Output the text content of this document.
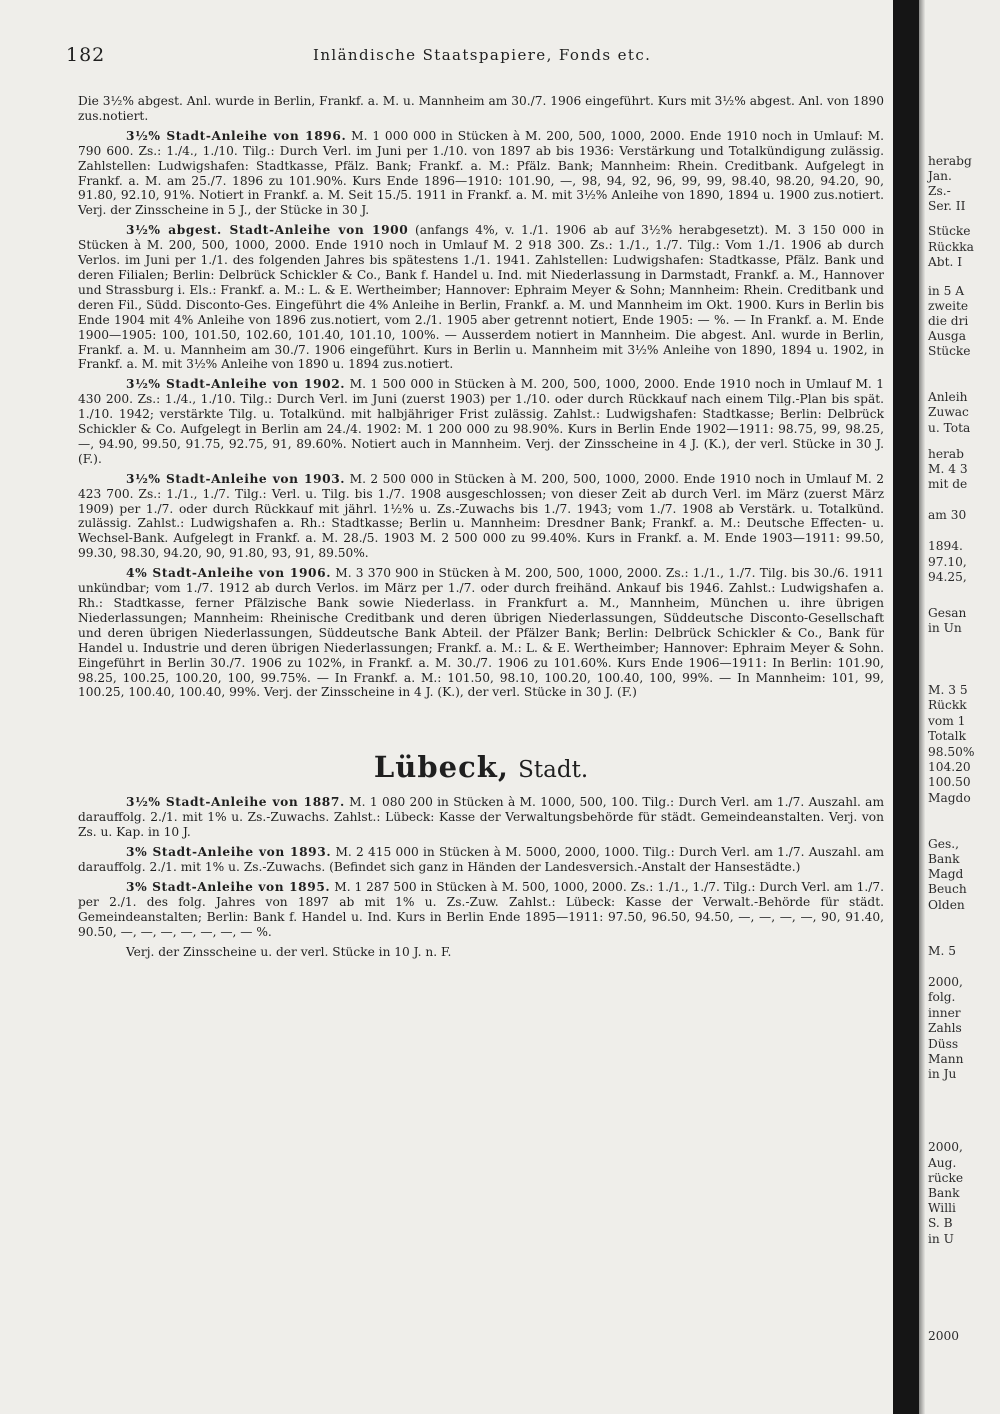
182	Inländische Staatspapiere, Fonds etc.

Die 3½% abgest. Anl. wurde in Berlin, Frankf. a. M. u. Mannheim am 30./7. 1906 eingeführt. Kurs mit 3½% abgest. Anl. von 1890 zus.notiert.

3½% Stadt-Anleihe von 1896. M. 1 000 000 in Stücken à M. 200, 500, 1000, 2000. Ende 1910 noch in Umlauf: M. 790 600. Zs.: 1./4., 1./10. Tilg.: Durch Verl. im Juni per 1./10. von 1897 ab bis 1936: Verstärkung und Totalkündigung zulässig. Zahlstellen: Ludwigshafen: Stadtkasse, Pfälz. Bank; Frankf. a. M.: Pfälz. Bank; Mannheim: Rhein. Creditbank. Aufgelegt in Frankf. a. M. am 25./7. 1896 zu 101.90%. Kurs Ende 1896—1910: 101.90, —, 98, 94, 92, 96, 99, 99, 98.40, 98.20, 94.20, 90, 91.80, 92.10, 91%. Notiert in Frankf. a. M. Seit 15./5. 1911 in Frankf. a. M. mit 3½% Anleihe von 1890, 1894 u. 1900 zus.notiert. Verj. der Zinsscheine in 5 J., der Stücke in 30 J.

3½% abgest. Stadt-Anleihe von 1900 (anfangs 4%, v. 1./1. 1906 ab auf 3½% herabgesetzt). M. 3 150 000 in Stücken à M. 200, 500, 1000, 2000. Ende 1910 noch in Umlauf M. 2 918 300. Zs.: 1./1., 1./7. Tilg.: Vom 1./1. 1906 ab durch Verlos. im Juni per 1./1. des folgenden Jahres bis spätestens 1./1. 1941. Zahlstellen: Ludwigshafen: Stadtkasse, Pfälz. Bank und deren Filialen; Berlin: Delbrück Schickler & Co., Bank f. Handel u. Ind. mit Niederlassung in Darmstadt, Frankf. a. M., Hannover und Strassburg i. Els.: Frankf. a. M.: L. & E. Wertheimber; Hannover: Ephraim Meyer & Sohn; Mannheim: Rhein. Creditbank und deren Fil., Südd. Disconto-Ges. Eingeführt die 4% Anleihe in Berlin, Frankf. a. M. und Mannheim im Okt. 1900. Kurs in Berlin bis Ende 1904 mit 4% Anleihe von 1896 zus.notiert, vom 2./1. 1905 aber getrennt notiert, Ende 1905: — %. — In Frankf. a. M. Ende 1900—1905: 100, 101.50, 102.60, 101.40, 101.10, 100%. — Ausserdem notiert in Mannheim. Die abgest. Anl. wurde in Berlin, Frankf. a. M. u. Mannheim am 30./7. 1906 eingeführt. Kurs in Berlin u. Mannheim mit 3½% Anleihe von 1890, 1894 u. 1902, in Frankf. a. M. mit 3½% Anleihe von 1890 u. 1894 zus.notiert.

3½% Stadt-Anleihe von 1902. M. 1 500 000 in Stücken à M. 200, 500, 1000, 2000. Ende 1910 noch in Umlauf M. 1 430 200. Zs.: 1./4., 1./10. Tilg.: Durch Verl. im Juni (zuerst 1903) per 1./10. oder durch Rückkauf nach einem Tilg.-Plan bis spät. 1./10. 1942; verstärkte Tilg. u. Totalkünd. mit halbjähriger Frist zulässig. Zahlst.: Ludwigshafen: Stadtkasse; Berlin: Delbrück Schickler & Co. Aufgelegt in Berlin am 24./4. 1902: M. 1 200 000 zu 98.90%. Kurs in Berlin Ende 1902—1911: 98.75, 99, 98.25, —, 94.90, 99.50, 91.75, 92.75, 91, 89.60%. Notiert auch in Mannheim. Verj. der Zinsscheine in 4 J. (K.), der verl. Stücke in 30 J. (F.).

3½% Stadt-Anleihe von 1903. M. 2 500 000 in Stücken à M. 200, 500, 1000, 2000. Ende 1910 noch in Umlauf M. 2 423 700. Zs.: 1./1., 1./7. Tilg.: Verl. u. Tilg. bis 1./7. 1908 ausgeschlossen; von dieser Zeit ab durch Verl. im März (zuerst März 1909) per 1./7. oder durch Rückkauf mit jährl. 1½% u. Zs.-Zuwachs bis 1./7. 1943; vom 1./7. 1908 ab Verstärk. u. Totalkünd. zulässig. Zahlst.: Ludwigshafen a. Rh.: Stadtkasse; Berlin u. Mannheim: Dresdner Bank; Frankf. a. M.: Deutsche Effecten- u. Wechsel-Bank. Aufgelegt in Frankf. a. M. 28./5. 1903 M. 2 500 000 zu 99.40%. Kurs in Frankf. a. M. Ende 1903—1911: 99.50, 99.30, 98.30, 94.20, 90, 91.80, 93, 91, 89.50%.

4% Stadt-Anleihe von 1906. M. 3 370 900 in Stücken à M. 200, 500, 1000, 2000. Zs.: 1./1., 1./7. Tilg. bis 30./6. 1911 unkündbar; vom 1./7. 1912 ab durch Verlos. im März per 1./7. oder durch freihänd. Ankauf bis 1946. Zahlst.: Ludwigshafen a. Rh.: Stadtkasse, ferner Pfälzische Bank sowie Niederlass. in Frankfurt a. M., Mannheim, München u. ihre übrigen Niederlassungen; Mannheim: Rheinische Creditbank und deren übrigen Niederlassungen, Süddeutsche Disconto-Gesellschaft und deren übrigen Niederlassungen, Süddeutsche Bank Abteil. der Pfälzer Bank; Berlin: Delbrück Schickler & Co., Bank für Handel u. Industrie und deren übrigen Niederlassungen; Frankf. a. M.: L. & E. Wertheimber; Hannover: Ephraim Meyer & Sohn. Eingeführt in Berlin 30./7. 1906 zu 102%, in Frankf. a. M. 30./7. 1906 zu 101.60%. Kurs Ende 1906—1911: In Berlin: 101.90, 98.25, 100.25, 100.20, 100, 99.75%. — In Frankf. a. M.: 101.50, 98.10, 100.20, 100.40, 100, 99%. — In Mannheim: 101, 99, 100.25, 100.40, 100.40, 99%. Verj. der Zinsscheine in 4 J. (K.), der verl. Stücke in 30 J. (F.)

Lübeck, Stadt.

3½% Stadt-Anleihe von 1887. M. 1 080 200 in Stücken à M. 1000, 500, 100. Tilg.: Durch Verl. am 1./7. Auszahl. am darauffolg. 2./1. mit 1% u. Zs.-Zuwachs. Zahlst.: Lübeck: Kasse der Verwaltungsbehörde für städt. Gemeindeanstalten. Verj. von Zs. u. Kap. in 10 J.

3% Stadt-Anleihe von 1893. M. 2 415 000 in Stücken à M. 5000, 2000, 1000. Tilg.: Durch Verl. am 1./7. Auszahl. am darauffolg. 2./1. mit 1% u. Zs.-Zuwachs. (Befindet sich ganz in Händen der Landesversich.-Anstalt der Hansestädte.)

3% Stadt-Anleihe von 1895. M. 1 287 500 in Stücken à M. 500, 1000, 2000. Zs.: 1./1., 1./7. Tilg.: Durch Verl. am 1./7. per 2./1. des folg. Jahres von 1897 ab mit 1% u. Zs.-Zuw. Zahlst.: Lübeck: Kasse der Verwalt.-Behörde für städt. Gemeindeanstalten; Berlin: Bank f. Handel u. Ind. Kurs in Berlin Ende 1895—1911: 97.50, 96.50, 94.50, —, —, —, —, 90, 91.40, 90.50, —, —, —, —, —, —, — %.

Verj. der Zinsscheine u. der verl. Stücke in 10 J. n. F.

herabg
Jan.
Zs.-
Ser. II
Stücke
Rückka
Abt. I
in 5 A
zweite
die dri
Ausga
Stücke
Anleih
Zuwac
u. Tota
herab
M. 4 3
mit de
am 30
1894.
97.10,
94.25,
Gesan
in Un
M. 3 5
Rückk
vom 1
Totalk
98.50%
104.20
100.50
Magdo
Ges.,
Bank
Magd
Beuch
Olden
M. 5
2000,
folg.
inner
Zahls
Düss
Mann
in Ju
2000,
Aug.
rücke
Bank
Willi
S. B
in U
2000
